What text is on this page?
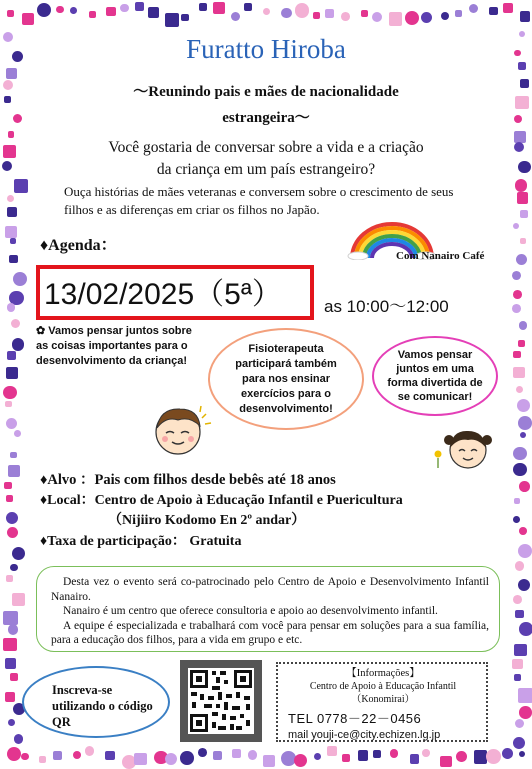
Furatto Hiroba
～Reunindo pais e mães de nacionalidade
estrangeira～
Você gostaria de conversar sobre a vida e a criação
da criança em um país estrangeiro?
Ouça histórias de mães veteranas e conversem sobre o crescimento de seus filhos e as diferenças em criar os filhos no Japão.
♦Agenda：
Com Nanairo Café
13/02/2025（5ª） as 10:00～12:00
✿ Vamos pensar juntos sobre as coisas importantes para o desenvolvimento da criança!
Fisioterapeuta participará também para nos ensinar exercícios para o desenvolvimento!
Vamos pensar juntos em uma forma divertida de se comunicar!
♦Alvo ：Pais com filhos desde bebês até 18 anos
♦Local：Centro de Apoio à Educação Infantil e Puericultura
（Nijiiro Kodomo En 2º andar）
♦Taxa de participação： Gratuita

Desta vez o evento será co-patrocinado pelo Centro de Apoio e Desenvolvimento Infantil Nanairo.

Nanairo é um centro que oferece consultoria e apoio ao desenvolvimento infantil.

A equipe é especializada e trabalhará com você para pensar em soluções para a sua família, para a educação dos filhos, para a vida em grupo e etc.

Inscreva-se utilizando o código QR
【Informações】
Centro de Apoio à Educação Infantil
（Konomirai）
TEL 0778－22－0456
mail youji-ce@city.echizen.lg.jp
